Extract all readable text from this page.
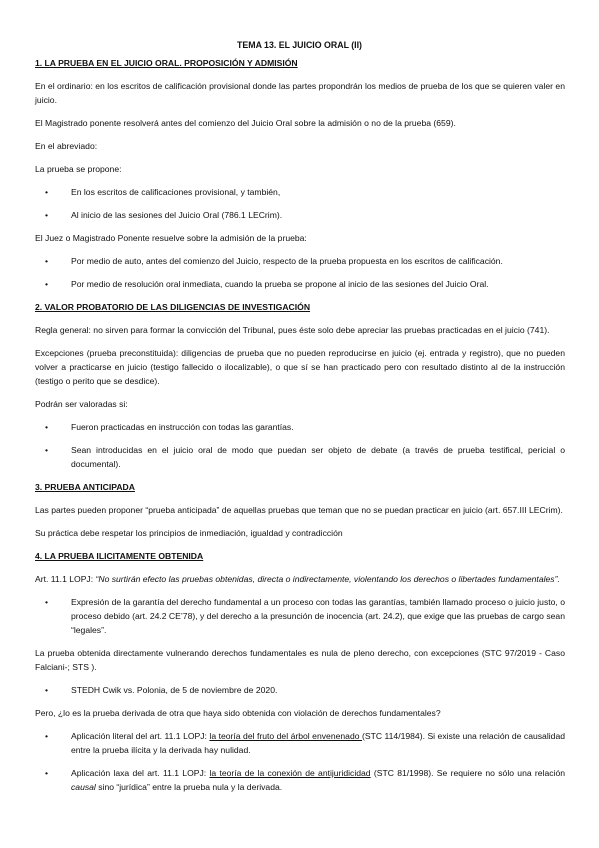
TEMA 13. EL JUICIO ORAL (II)
1. LA PRUEBA EN EL JUICIO ORAL. PROPOSICIÓN Y ADMISIÓN

En el ordinario: en los escritos de calificación provisional donde las partes propondrán los medios de prueba de los que se quieren valer en juicio.

El Magistrado ponente resolverá antes del comienzo del Juicio Oral sobre la admisión o no de la prueba (659).

En el abreviado:

La prueba se propone:

•	En los escritos de calificaciones provisional, y también,
•	Al inicio de las sesiones del Juicio Oral (786.1 LECrim).

El Juez o Magistrado Ponente resuelve sobre la admisión de la prueba:

•	Por medio de auto, antes del comienzo del Juicio, respecto de la prueba propuesta en los escritos de calificación.
•	Por medio de resolución oral inmediata, cuando la prueba se propone al inicio de las sesiones del Juicio Oral.
2. VALOR PROBATORIO DE LAS DILIGENCIAS DE INVESTIGACIÓN

Regla general: no sirven para formar la convicción del Tribunal, pues éste solo debe apreciar las pruebas practicadas en el juicio (741).

Excepciones (prueba preconstituida): diligencias de prueba que no pueden reproducirse en juicio (ej. entrada y registro), que no pueden volver a practicarse en juicio (testigo fallecido o ilocalizable), o que sí se han practicado pero con resultado distinto al de la instrucción (testigo o perito que se desdice).

Podrán ser valoradas si:

•	Fueron practicadas en instrucción con todas las garantías.
•	Sean introducidas en el juicio oral de modo que puedan ser objeto de debate (a través de prueba testifical, pericial o documental).
3. PRUEBA ANTICIPADA

Las partes pueden proponer “prueba anticipada” de aquellas pruebas que teman que no se puedan practicar en juicio (art. 657.III LECrim).

Su práctica debe respetar los principios de inmediación, igualdad y contradicción

4. LA PRUEBA ILICITAMENTE OBTENIDA

Art. 11.1 LOPJ: “No surtirán efecto las pruebas obtenidas, directa o indirectamente, violentando los derechos o libertades fundamentales”.

•	Expresión de la garantía del derecho fundamental a un proceso con todas las garantías, también llamado proceso o juicio justo, o proceso debido (art. 24.2 CE’78), y del derecho a la presunción de inocencia (art. 24.2), que exige que las pruebas de cargo sean “legales”.

La prueba obtenida directamente vulnerando derechos fundamentales es nula de pleno derecho, con excepciones (STC 97/2019 - Caso Falciani-; STS ).

•	STEDH Cwik vs. Polonia, de 5 de noviembre de 2020.

Pero, ¿lo es la prueba derivada de otra que haya sido obtenida con violación de derechos fundamentales?

•	Aplicación literal del art. 11.1 LOPJ: la teoría del fruto del árbol envenenado (STC 114/1984). Si existe una relación de causalidad entre la prueba ilícita y la derivada hay nulidad.
•	Aplicación laxa del art. 11.1 LOPJ: la teoría de la conexión de antijuridicidad (STC 81/1998). Se requiere no sólo una relación causal sino “jurídica” entre la prueba nula y la derivada.
